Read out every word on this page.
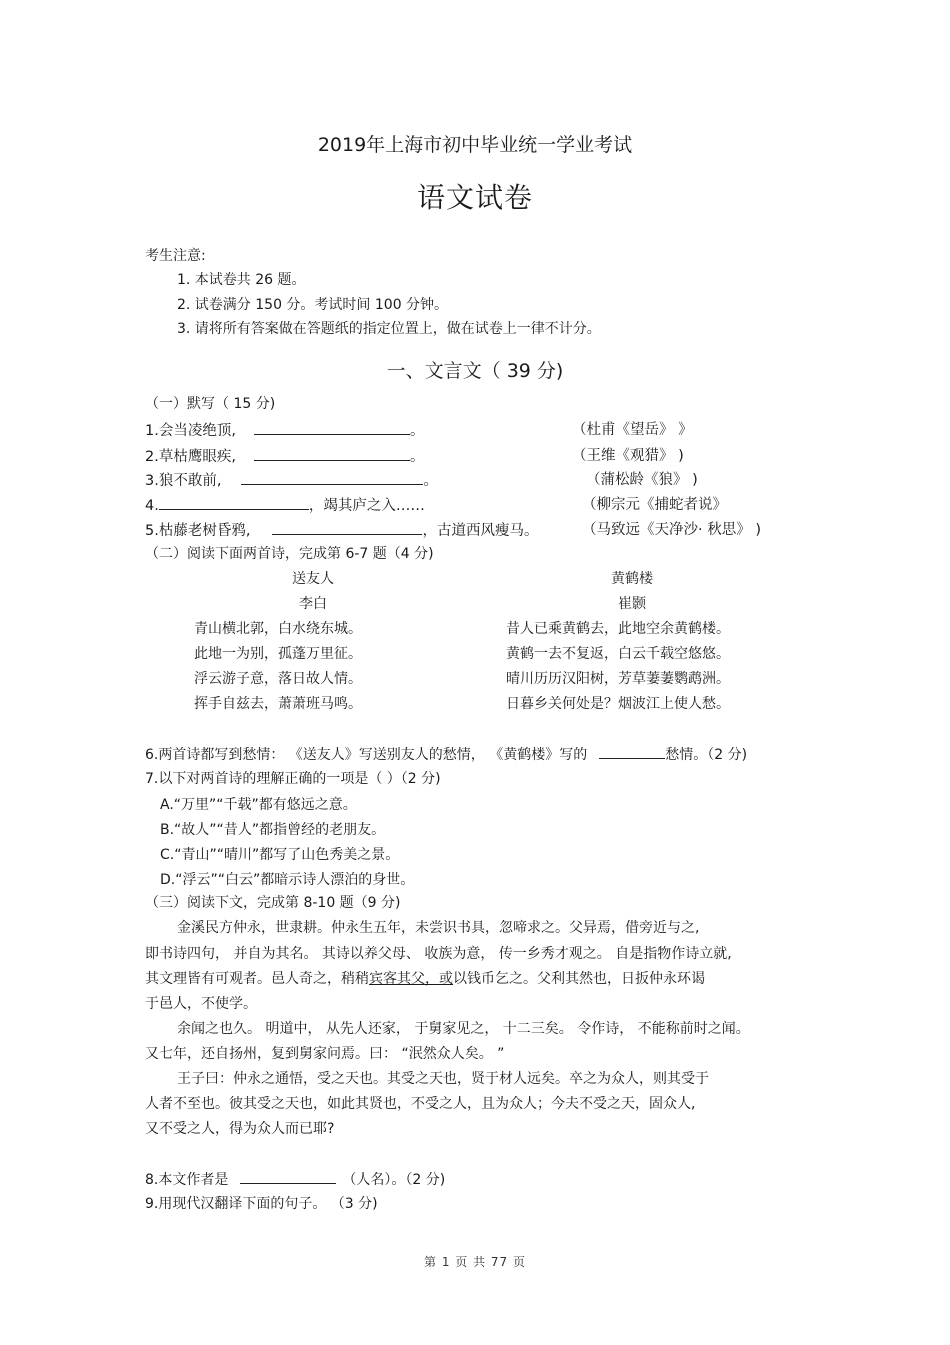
2019年上海市初中毕业统一学业考试
语文试卷
考生注意:
1. 本试卷共 26 题。
2. 试卷满分 150 分。考试时间 100 分钟。
3. 请将所有答案做在答题纸的指定位置上，做在试卷上一律不计分。
一、文言文（ 39 分)
（一）默写（ 15 分)
1.会当凌绝顶,	。	（杜甫《望岳》 》
2.草枯鹰眼疾,	。	（王维《观猎》 )
3.狼不敢前,	。	（蒲松龄《狼》 )
4.	，竭其庐之入……	（柳宗元《捕蛇者说》
5.枯藤老树昏鸦,	，古道西风瘦马。	（马致远《天净沙· 秋思》 )
（二）阅读下面两首诗，完成第 6-7 题（4 分)
送友人
李白
青山横北郭，白水绕东城。
此地一为别，孤蓬万里征。
浮云游子意，落日故人情。
挥手自兹去，萧萧班马鸣。
黄鹤楼
崔颢
昔人已乘黄鹤去，此地空余黄鹤楼。
黄鹤一去不复返，白云千载空悠悠。
晴川历历汉阳树，芳草萋萋鹦鹉洲。
日暮乡关何处是？烟波江上使人愁。
6.两首诗都写到愁情： 《送友人》写送别友人的愁情， 《黄鹤楼》写的	愁情。（2 分)
7.以下对两首诗的理解正确的一项是（ ）（2 分)
A.“万里”“千载”都有悠远之意。
B.“故人”“昔人”都指曾经的老朋友。
C.“青山”“晴川”都写了山色秀美之景。
D.“浮云”“白云”都暗示诗人漂泊的身世。
（三）阅读下文，完成第 8-10 题（9 分)
金溪民方仲永，世隶耕。仲永生五年，未尝识书具，忽啼求之。父异焉，借旁近与之,
即书诗四句， 并自为其名。 其诗以养父母、 收族为意， 传一乡秀才观之。 自是指物作诗立就,
其文理皆有可观者。邑人奇之，稍稍宾客其父，或以钱币乞之。父利其然也，日扳仲永环谒
于邑人，不使学。
余闻之也久。 明道中， 从先人还家， 于舅家见之， 十二三矣。 令作诗， 不能称前时之闻。
又七年，还自扬州，复到舅家问焉。曰： “泯然众人矣。 ”
王子曰：仲永之通悟，受之天也。其受之天也，贤于材人远矣。卒之为众人，则其受于
人者不至也。彼其受之天也，如此其贤也，不受之人，且为众人；今夫不受之天，固众人,
又不受之人，得为众人而已耶?
8.本文作者是	（人名）。（2 分)
9.用现代汉翻译下面的句子。 （3 分)
第 1 页 共 77 页
